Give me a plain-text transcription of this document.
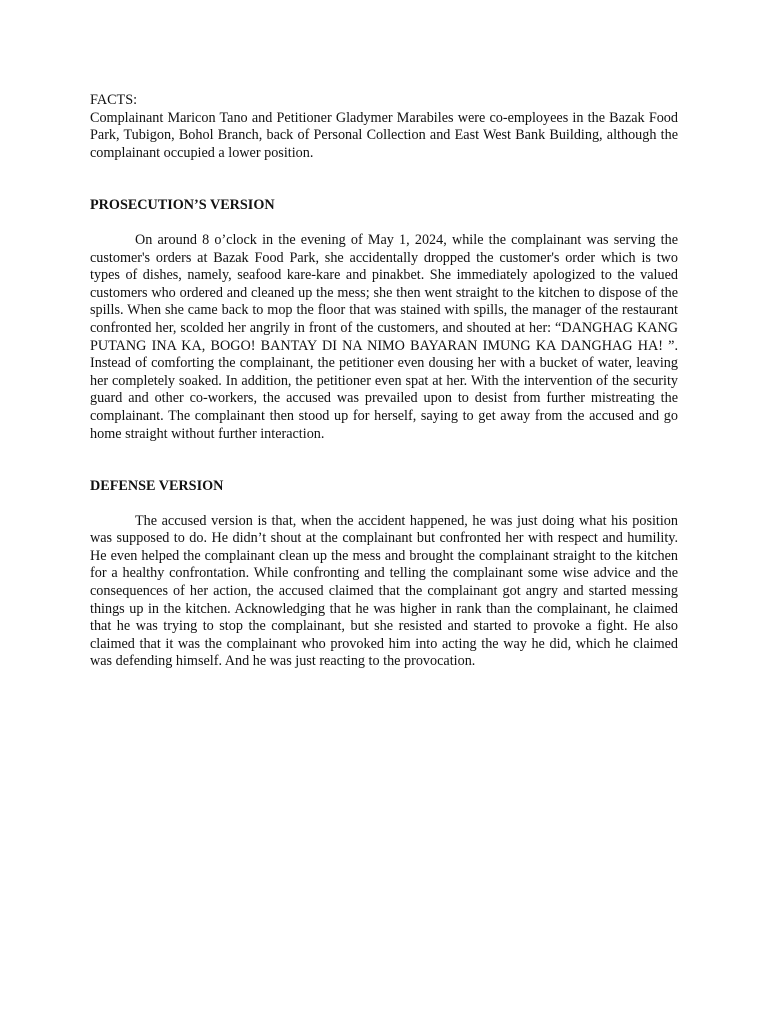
FACTS:

Complainant Maricon Tano and Petitioner Gladymer Marabiles were co-employees in the Bazak Food Park, Tubigon, Bohol Branch, back of Personal Collection and East West Bank Building, although the complainant occupied a lower position.

PROSECUTION’S VERSION

On around 8 o’clock in the evening of May 1, 2024, while the complainant was serving the customer's orders at Bazak Food Park, she accidentally dropped the customer's order which is two types of dishes, namely, seafood kare-kare and pinakbet. She immediately apologized to the valued customers who ordered and cleaned up the mess; she then went straight to the kitchen to dispose of the spills. When she came back to mop the floor that was stained with spills, the manager of the restaurant confronted her, scolded her angrily in front of the customers, and shouted at her: “DANGHAG KANG PUTANG INA KA, BOGO! BANTAY DI NA NIMO BAYARAN IMUNG KA DANGHAG HA! ”. Instead of comforting the complainant, the petitioner even dousing her with a bucket of water, leaving her completely soaked. In addition, the petitioner even spat at her. With the intervention of the security guard and other co-workers, the accused was prevailed upon to desist from further mistreating the complainant. The complainant then stood up for herself, saying to get away from the accused and go home straight without further interaction.

DEFENSE VERSION

The accused version is that, when the accident happened, he was just doing what his position was supposed to do. He didn’t shout at the complainant but confronted her with respect and humility. He even helped the complainant clean up the mess and brought the complainant straight to the kitchen for a healthy confrontation. While confronting and telling the complainant some wise advice and the consequences of her action, the accused claimed that the complainant got angry and started messing things up in the kitchen. Acknowledging that he was higher in rank than the complainant, he claimed that he was trying to stop the complainant, but she resisted and started to provoke a fight. He also claimed that it was the complainant who provoked him into acting the way he did, which he claimed was defending himself. And he was just reacting to the provocation.
